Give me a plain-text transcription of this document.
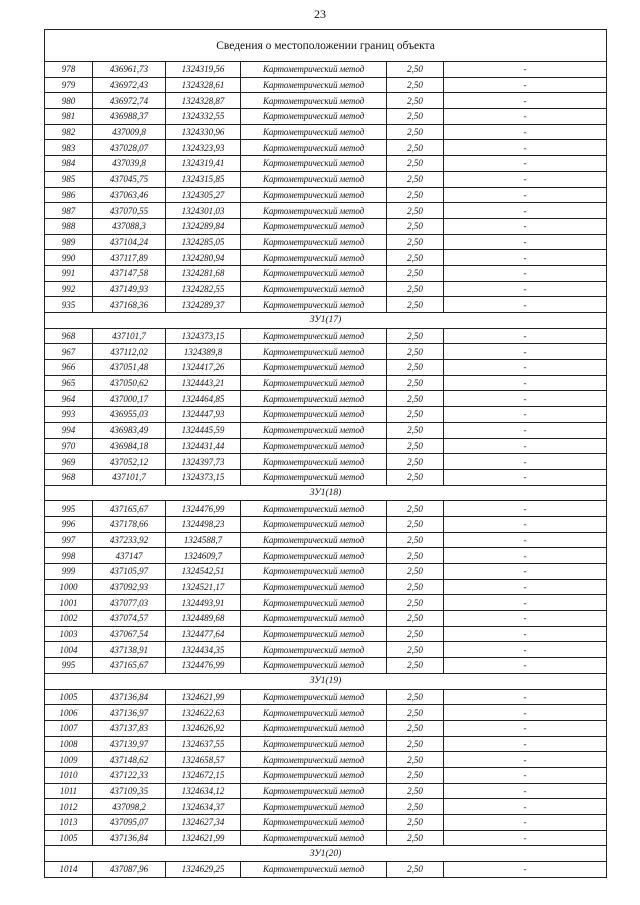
23
Сведения о местоположении границ объекта					
978	436961,73	1324319,56	Картометрический метод	2,50	-
979	436972,43	1324328,61	Картометрический метод	2,50	-
980	436972,74	1324328,87	Картометрический метод	2,50	-
981	436988,37	1324332,55	Картометрический метод	2,50	-
982	437009,8	1324330,96	Картометрический метод	2,50	-
983	437028,07	1324323,93	Картометрический метод	2,50	-
984	437039,8	1324319,41	Картометрический метод	2,50	-
985	437045,75	1324315,85	Картометрический метод	2,50	-
986	437063,46	1324305,27	Картометрический метод	2,50	-
987	437070,55	1324301,03	Картометрический метод	2,50	-
988	437088,3	1324289,84	Картометрический метод	2,50	-
989	437104,24	1324285,05	Картометрический метод	2,50	-
990	437117,89	1324280,94	Картометрический метод	2,50	-
991	437147,58	1324281,68	Картометрический метод	2,50	-
992	437149,93	1324282,55	Картометрический метод	2,50	-
935	437168,36	1324289,37	Картометрический метод	2,50	-
ЗУ1(17)					
968	437101,7	1324373,15	Картометрический метод	2,50	-
967	437112,02	1324389,8	Картометрический метод	2,50	-
966	437051,48	1324417,26	Картометрический метод	2,50	-
965	437050,62	1324443,21	Картометрический метод	2,50	-
964	437000,17	1324464,85	Картометрический метод	2,50	-
993	436955,03	1324447,93	Картометрический метод	2,50	-
994	436983,49	1324445,59	Картометрический метод	2,50	-
970	436984,18	1324431,44	Картометрический метод	2,50	-
969	437052,12	1324397,73	Картометрический метод	2,50	-
968	437101,7	1324373,15	Картометрический метод	2,50	-
ЗУ1(18)					
995	437165,67	1324476,99	Картометрический метод	2,50	-
996	437178,66	1324498,23	Картометрический метод	2,50	-
997	437233,92	1324588,7	Картометрический метод	2,50	-
998	437147	1324609,7	Картометрический метод	2,50	-
999	437105,97	1324542,51	Картометрический метод	2,50	-
1000	437092,93	1324521,17	Картометрический метод	2,50	-
1001	437077,03	1324493,91	Картометрический метод	2,50	-
1002	437074,57	1324489,68	Картометрический метод	2,50	-
1003	437067,54	1324477,64	Картометрический метод	2,50	-
1004	437138,91	1324434,35	Картометрический метод	2,50	-
995	437165,67	1324476,99	Картометрический метод	2,50	-
ЗУ1(19)					
1005	437136,84	1324621,99	Картометрический метод	2,50	-
1006	437136,97	1324622,63	Картометрический метод	2,50	-
1007	437137,83	1324626,92	Картометрический метод	2,50	-
1008	437139,97	1324637,55	Картометрический метод	2,50	-
1009	437148,62	1324658,57	Картометрический метод	2,50	-
1010	437122,33	1324672,15	Картометрический метод	2,50	-
1011	437109,35	1324634,12	Картометрический метод	2,50	-
1012	437098,2	1324634,37	Картометрический метод	2,50	-
1013	437095,07	1324627,34	Картометрический метод	2,50	-
1005	437136,84	1324621,99	Картометрический метод	2,50	-
ЗУ1(20)					
1014	437087,96	1324629,25	Картометрический метод	2,50	-
